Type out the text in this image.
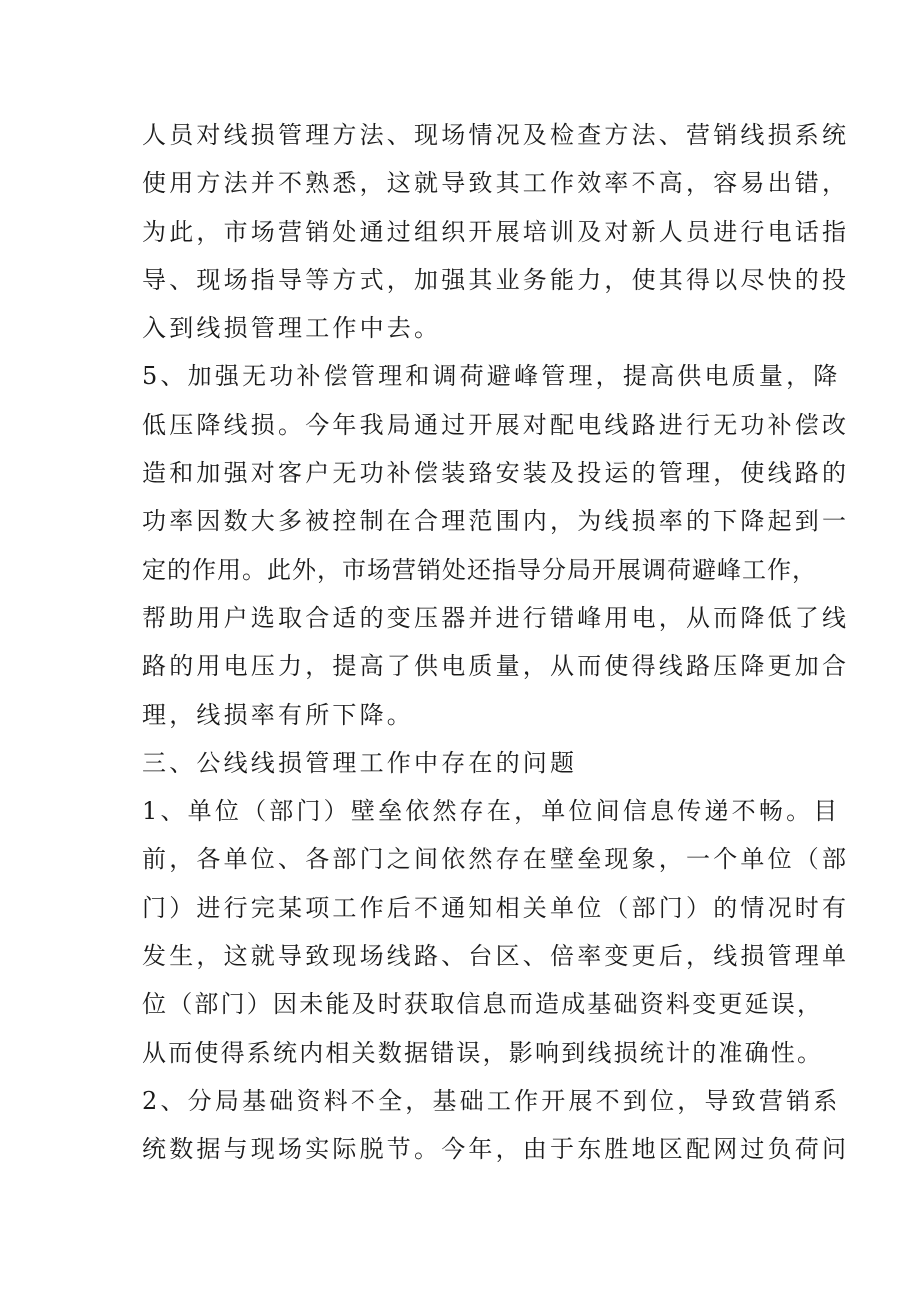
人员对线损管理方法、现场情况及检查方法、营销线损系统
使用方法并不熟悉，这就导致其工作效率不高，容易出错，
为此，市场营销处通过组织开展培训及对新人员进行电话指
导、现场指导等方式，加强其业务能力，使其得以尽快的投
入到线损管理工作中去。
5、加强无功补偿管理和调荷避峰管理，提高供电质量，降
低压降线损。今年我局通过开展对配电线路进行无功补偿改
造和加强对客户无功补偿装臵安装及投运的管理，使线路的
功率因数大多被控制在合理范围内，为线损率的下降起到一
定的作用。此外，市场营销处还指导分局开展调荷避峰工作，
帮助用户选取合适的变压器并进行错峰用电，从而降低了线
路的用电压力，提高了供电质量，从而使得线路压降更加合
理，线损率有所下降。
三、公线线损管理工作中存在的问题
1、单位（部门）壁垒依然存在，单位间信息传递不畅。目
前，各单位、各部门之间依然存在壁垒现象，一个单位（部
门）进行完某项工作后不通知相关单位（部门）的情况时有
发生，这就导致现场线路、台区、倍率变更后，线损管理单
位（部门）因未能及时获取信息而造成基础资料变更延误，
从而使得系统内相关数据错误，影响到线损统计的准确性。
2、分局基础资料不全，基础工作开展不到位，导致营销系
统数据与现场实际脱节。今年，由于东胜地区配网过负荷问
